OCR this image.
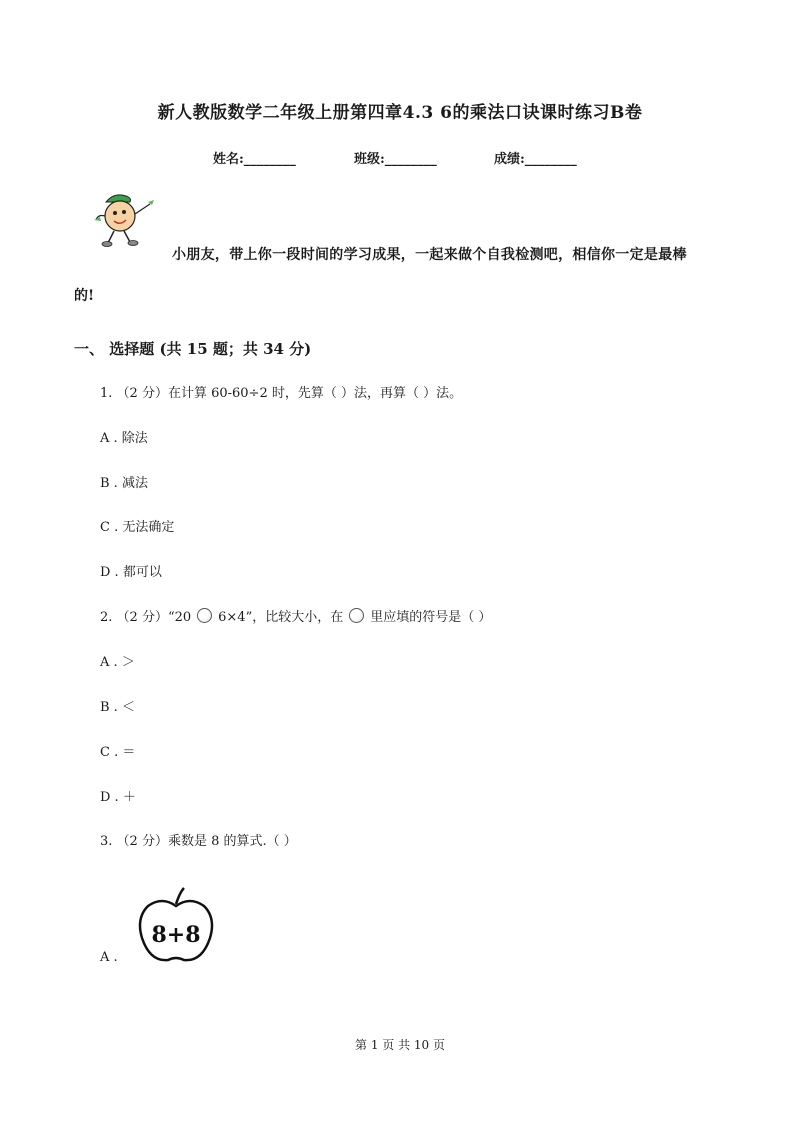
新人教版数学二年级上册第四章4.3 6的乘法口诀课时练习B卷
姓名:________	班级:________	成绩:________
小朋友，带上你一段时间的学习成果，一起来做个自我检测吧，相信你一定是最棒
的!
一、 选择题 (共 15 题；共 34 分)
1. （2 分）在计算 60-60÷2 时，先算（ ）法，再算（ ）法。
A . 除法
B . 减法
C . 无法确定
D . 都可以
2. （2 分）“20 6×4”，比较大小，在 里应填的符号是（ ）
A . ＞
B . ＜
C . ＝
D . ＋
3. （2 分）乘数是 8 的算式.（ ）
8+8
A .
第 1 页 共 10 页
